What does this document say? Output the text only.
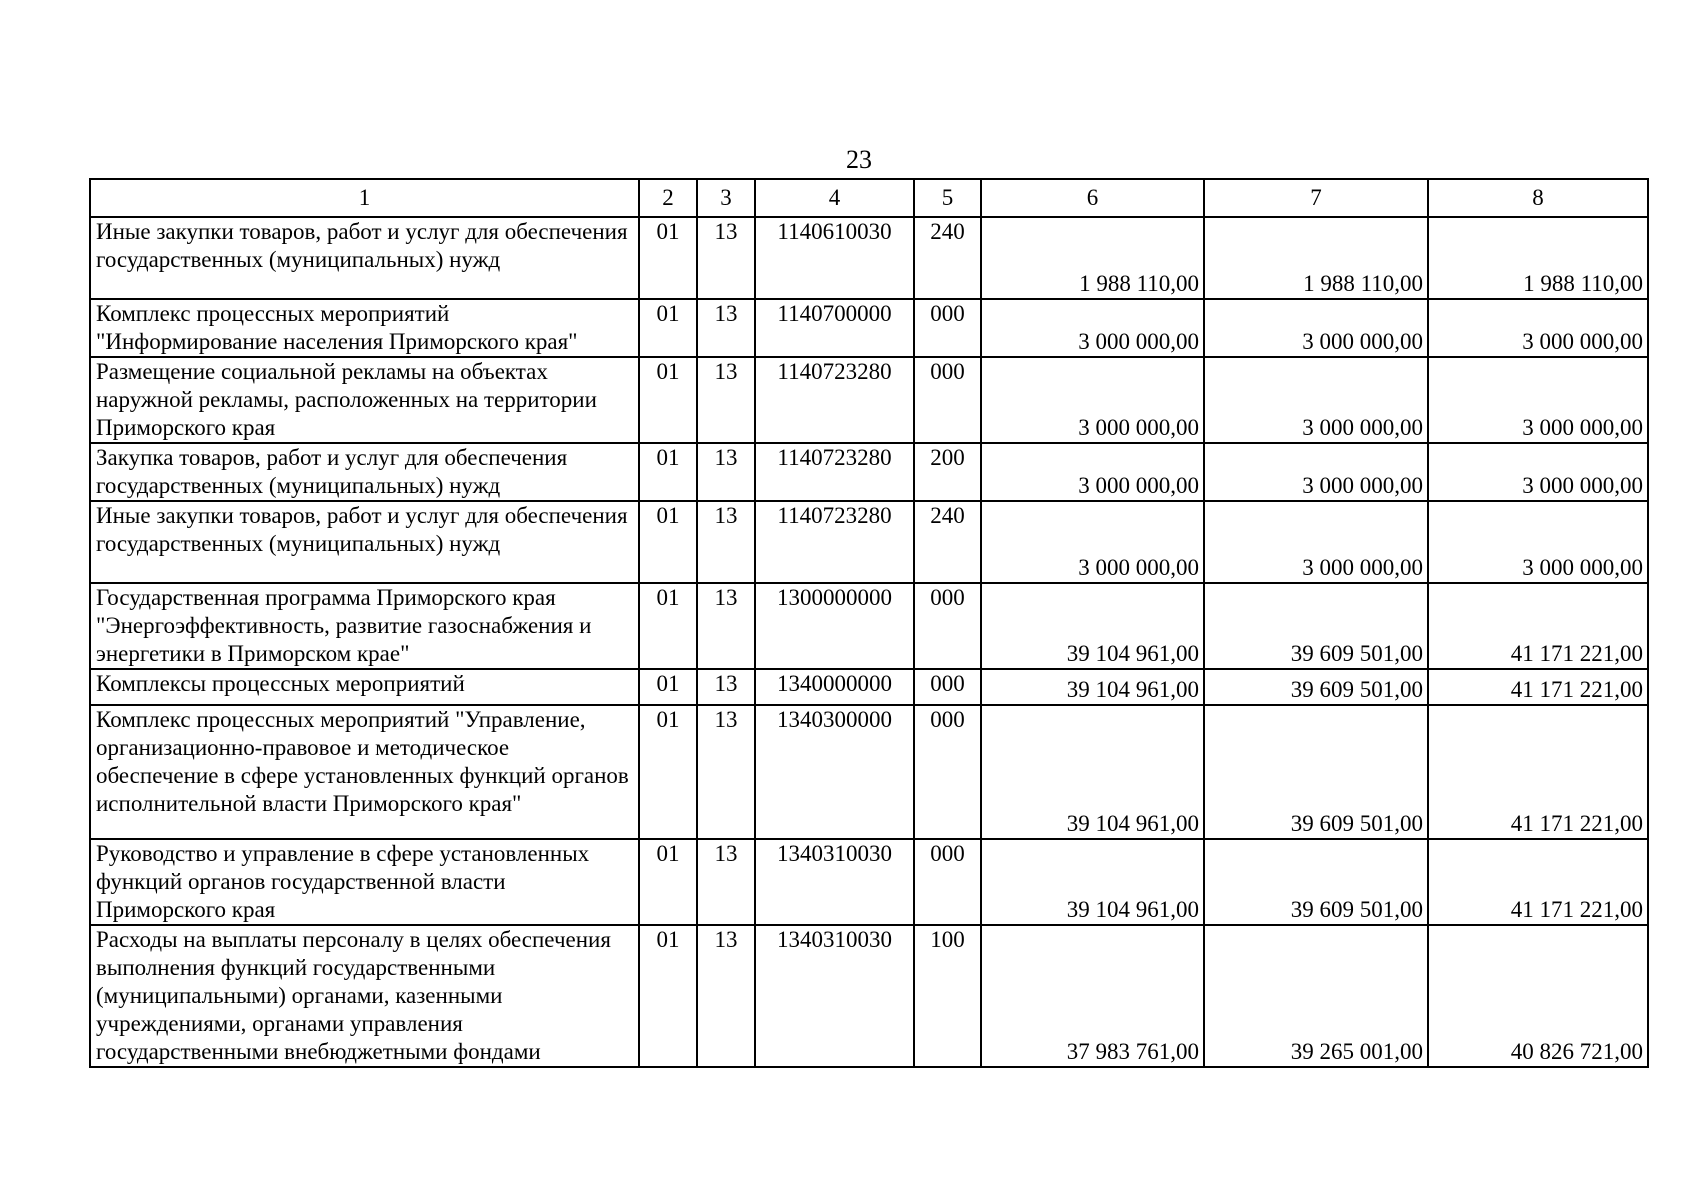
23
1	2	3	4	5	6	7	8
Иные закупки товаров, работ и услуг для обеспечения государственных (муниципальных) нужд	01	13	1140610030	240	1 988 110,00	1 988 110,00	1 988 110,00
Комплекс процессных мероприятий "Информирование населения Приморского края"	01	13	1140700000	000	3 000 000,00	3 000 000,00	3 000 000,00
Размещение социальной рекламы на объектах наружной рекламы, расположенных на территории Приморского края	01	13	1140723280	000	3 000 000,00	3 000 000,00	3 000 000,00
Закупка товаров, работ и услуг для обеспечения государственных (муниципальных) нужд	01	13	1140723280	200	3 000 000,00	3 000 000,00	3 000 000,00
Иные закупки товаров, работ и услуг для обеспечения государственных (муниципальных) нужд	01	13	1140723280	240	3 000 000,00	3 000 000,00	3 000 000,00
Государственная программа Приморского края "Энергоэффективность, развитие газоснабжения и энергетики в Приморском крае"	01	13	1300000000	000	39 104 961,00	39 609 501,00	41 171 221,00
Комплексы процессных мероприятий	01	13	1340000000	000	39 104 961,00	39 609 501,00	41 171 221,00
Комплекс процессных мероприятий "Управление, организационно-правовое и методическое обеспечение в сфере установленных функций органов исполнительной власти Приморского края"	01	13	1340300000	000	39 104 961,00	39 609 501,00	41 171 221,00
Руководство и управление в сфере установленных функций органов государственной власти Приморского края	01	13	1340310030	000	39 104 961,00	39 609 501,00	41 171 221,00
Расходы на выплаты персоналу в целях обеспечения выполнения функций государственными (муниципальными) органами, казенными учреждениями, органами управления государственными внебюджетными фондами	01	13	1340310030	100	37 983 761,00	39 265 001,00	40 826 721,00
